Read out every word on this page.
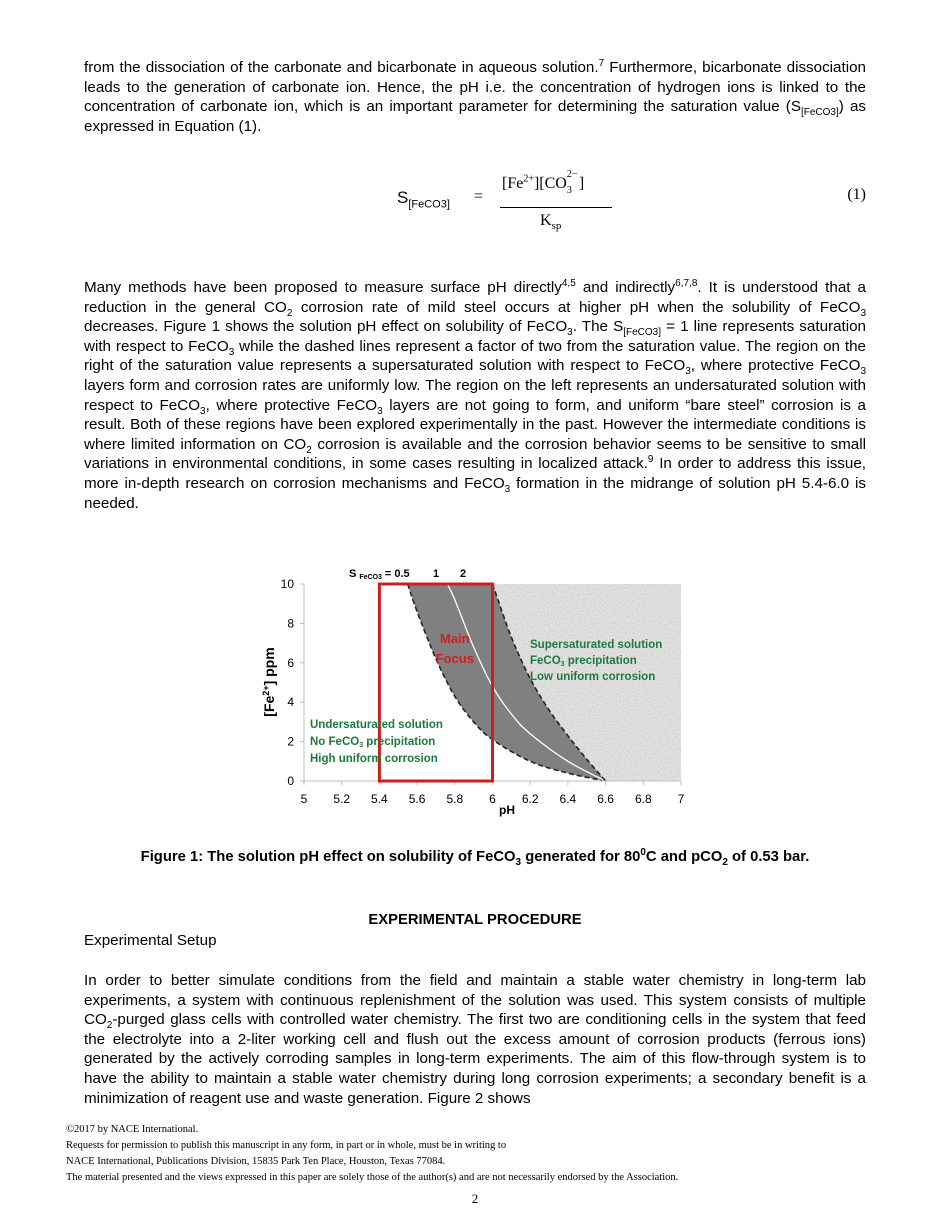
from the dissociation of the carbonate and bicarbonate in aqueous solution.$^7$ Furthermore, bicarbonate dissociation leads to the generation of carbonate ion. Hence, the pH i.e. the concentration of hydrogen ions is linked to the concentration of carbonate ion, which is an important parameter for determining the saturation value $(S_{[FeCO3]})$ as expressed in Equation (1).
$S_{[FeCO3]}$ =
$[Fe^{2+}][CO$
2−
3 ]
$K_{sp}$
(1)
Many methods have been proposed to measure surface pH directly$^{4,5}$ and indirectly$^{6,7,8}$. It is understood that a reduction in the general $CO_2$ corrosion rate of mild steel occurs at higher pH when the solubility of FeCO$_3$ decreases. Figure 1 shows the solution pH effect on solubility of FeCO$_3$. The $S_{[FeCO3]} = 1$ line represents saturation with respect to FeCO$_3$ while the dashed lines represent a factor of two from the saturation value. The region on the right of the saturation value represents a supersaturated solution with respect to FeCO$_3$, where protective FeCO$_3$ layers form and corrosion rates are uniformly low. The region on the left represents an undersaturated solution with respect to FeCO$_3$, where protective FeCO$_3$ layers are not going to form, and uniform “bare steel” corrosion is a result. Both of these regions have been explored experimentally in the past. However the intermediate conditions is where limited information on $CO_2$ corrosion is available and the corrosion behavior seems to be sensitive to small variations in environmental conditions, in some cases resulting in localized attack.$^9$ In order to address this issue, more in-depth research on corrosion mechanisms and FeCO$_3$ formation in the midrange of solution pH 5.4-6.0 is needed.
5 5.2 5.4 5.6 5.8 6 6.2 6.4 6.6 6.8 7
0
2
4
6
8
10
pH
$[Fe^{2+}]$ ppm
S FeCO3 = 0.5 1 2
Main
Focus
Supersaturated solution
FeCO3 precipitation
Low uniform corrosion
Undersaturated solution
No FeCO3 precipitation
High uniform corrosion
Figure 1: The solution pH effect on solubility of FeCO$_3$ generated for $80^0C$ and pCO$_2$ of 0.53 bar.
EXPERIMENTAL PROCEDURE
Experimental Setup
In order to better simulate conditions from the field and maintain a stable water chemistry in long-term lab experiments, a system with continuous replenishment of the solution was used. This system consists of multiple $CO_2$-purged glass cells with controlled water chemistry. The first two are conditioning cells in the system that feed the electrolyte into a 2-liter working cell and flush out the excess amount of corrosion products (ferrous ions) generated by the actively corroding samples in long-term experiments. The aim of this flow-through system is to have the ability to maintain a stable water chemistry during long corrosion experiments; a secondary benefit is a minimization of reagent use and waste generation. Figure 2 shows
©2017 by NACE International.
Requests for permission to publish this manuscript in any form, in part or in whole, must be in writing to
NACE International, Publications Division, 15835 Park Ten Place, Houston, Texas 77084.
The material presented and the views expressed in this paper are solely those of the author(s) and are not necessarily endorsed by the Association.
2
